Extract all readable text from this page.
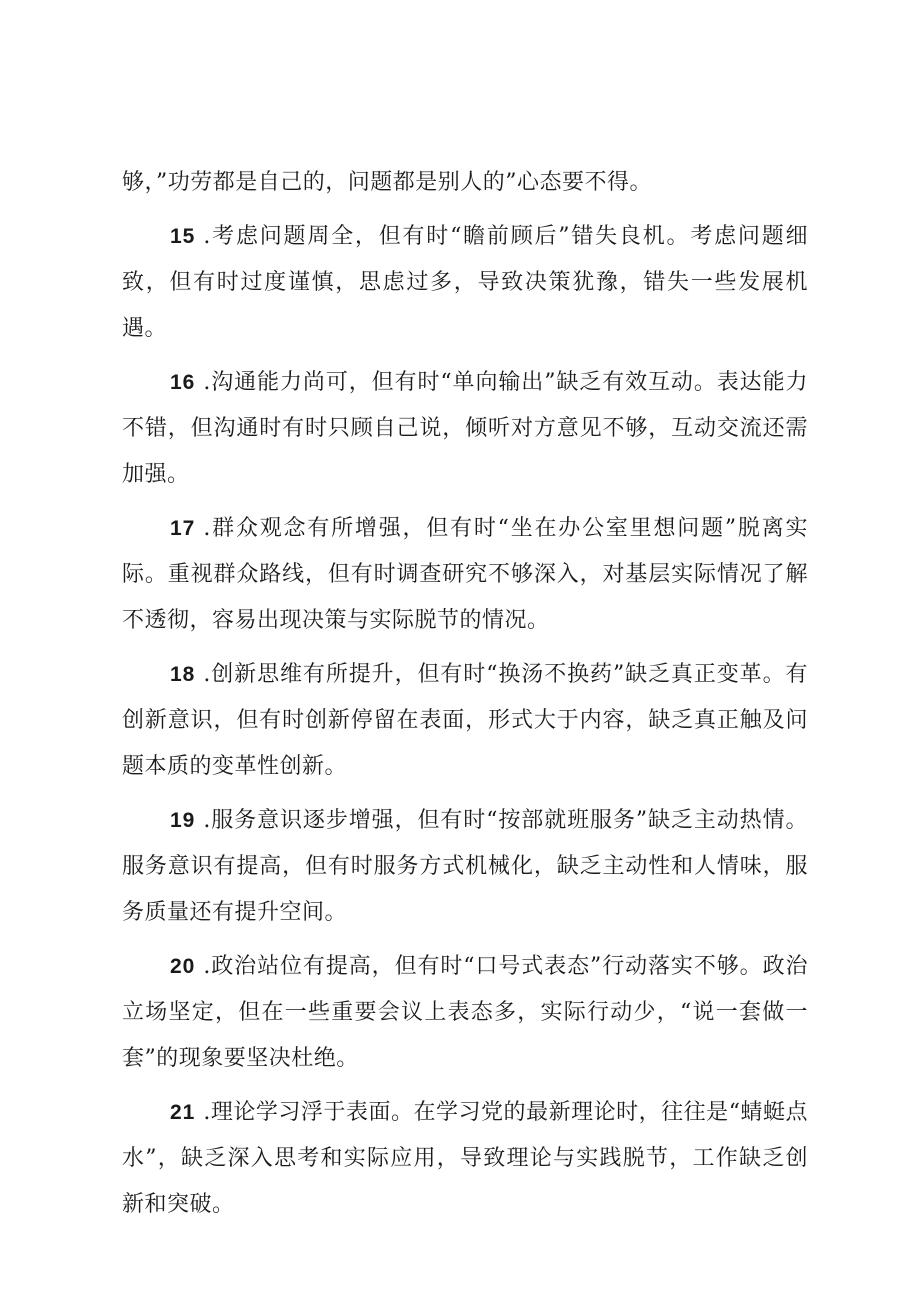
够，”功劳都是自己的，问题都是别人的”心态要不得。

15 .考虑问题周全，但有时“瞻前顾后”错失良机。考虑问题细致，但有时过度谨慎，思虑过多，导致决策犹豫，错失一些发展机遇。

16 .沟通能力尚可，但有时“单向输出”缺乏有效互动。表达能力不错，但沟通时有时只顾自己说，倾听对方意见不够，互动交流还需加强。

17 .群众观念有所增强，但有时“坐在办公室里想问题”脱离实际。重视群众路线，但有时调查研究不够深入，对基层实际情况了解不透彻，容易出现决策与实际脱节的情况。

18 .创新思维有所提升，但有时“换汤不换药”缺乏真正变革。有创新意识，但有时创新停留在表面，形式大于内容，缺乏真正触及问题本质的变革性创新。

19 .服务意识逐步增强，但有时“按部就班服务”缺乏主动热情。服务意识有提高，但有时服务方式机械化，缺乏主动性和人情味，服务质量还有提升空间。

20 .政治站位有提高，但有时“口号式表态”行动落实不够。政治立场坚定，但在一些重要会议上表态多，实际行动少，“说一套做一套”的现象要坚决杜绝。

21 .理论学习浮于表面。在学习党的最新理论时，往往是“蜻蜓点水”，缺乏深入思考和实际应用，导致理论与实践脱节，工作缺乏创新和突破。
